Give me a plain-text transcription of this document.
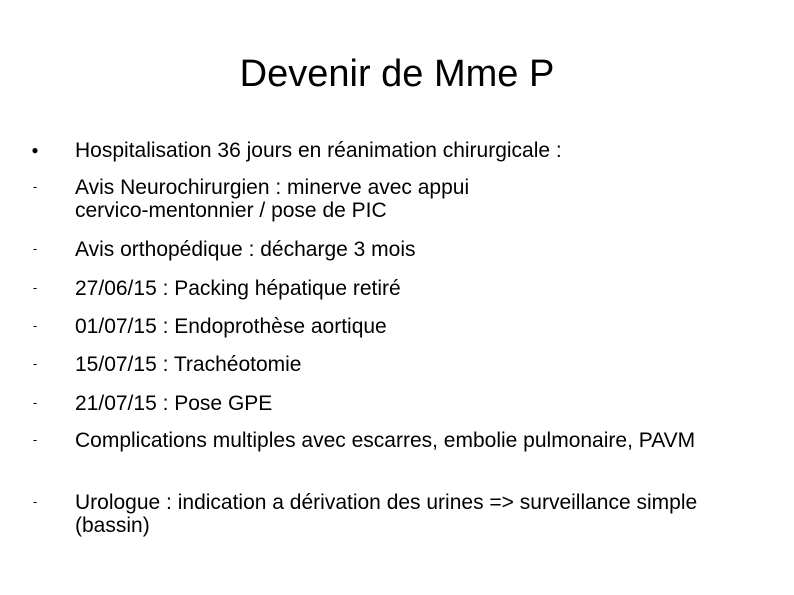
Devenir de Mme P
● Hospitalisation 36 jours en réanimation chirurgicale :
- Avis Neurochirurgien : minerve avec appui cervico-mentonnier / pose de PIC
- Avis orthopédique : décharge 3 mois
- 27/06/15 : Packing hépatique retiré
- 01/07/15 : Endoprothèse aortique
- 15/07/15 : Trachéotomie
- 21/07/15 : Pose GPE
- Complications multiples avec escarres, embolie pulmonaire, PAVM
- Urologue : indication a dérivation des urines => surveillance simple (bassin)
